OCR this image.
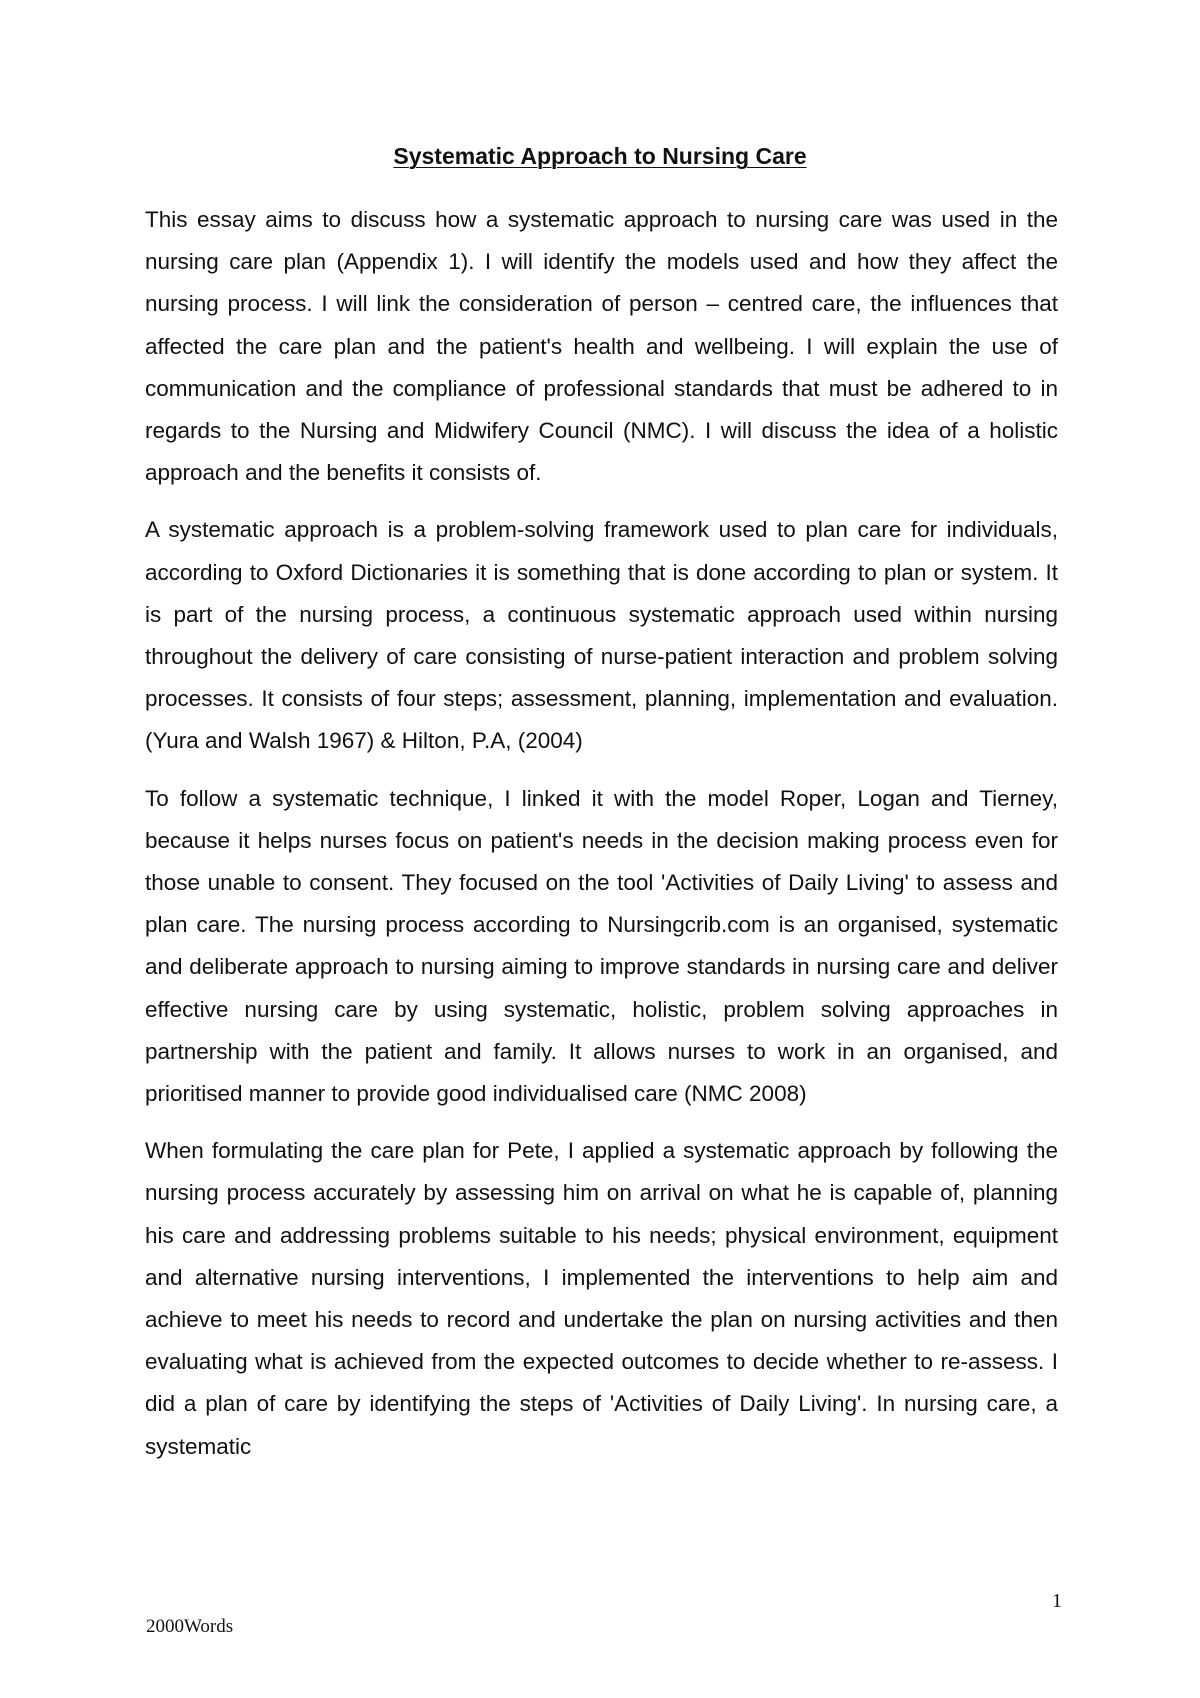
Systematic Approach to Nursing Care

This essay aims to discuss how a systematic approach to nursing care was used in the nursing care plan (Appendix 1). I will identify the models used and how they affect the nursing process. I will link the consideration of person – centred care, the influences that affected the care plan and the patient's health and wellbeing. I will explain the use of communication and the compliance of professional standards that must be adhered to in regards to the Nursing and Midwifery Council (NMC). I will discuss the idea of a holistic approach and the benefits it consists of.

A systematic approach is a problem-solving framework used to plan care for individuals, according to Oxford Dictionaries it is something that is done according to plan or system. It is part of the nursing process, a continuous systematic approach used within nursing throughout the delivery of care consisting of nurse-patient interaction and problem solving processes. It consists of four steps; assessment, planning, implementation and evaluation. (Yura and Walsh 1967) & Hilton, P.A, (2004)

To follow a systematic technique, I linked it with the model Roper, Logan and Tierney, because it helps nurses focus on patient's needs in the decision making process even for those unable to consent. They focused on the tool 'Activities of Daily Living' to assess and plan care. The nursing process according to Nursingcrib.com is an organised, systematic and deliberate approach to nursing aiming to improve standards in nursing care and deliver effective nursing care by using systematic, holistic, problem solving approaches in partnership with the patient and family. It allows nurses to work in an organised, and prioritised manner to provide good individualised care (NMC 2008)

When formulating the care plan for Pete, I applied a systematic approach by following the nursing process accurately by assessing him on arrival on what he is capable of, planning his care and addressing problems suitable to his needs; physical environment, equipment and alternative nursing interventions, I implemented the interventions to help aim and achieve to meet his needs to record and undertake the plan on nursing activities and then evaluating what is achieved from the expected outcomes to decide whether to re-assess. I did a plan of care by identifying the steps of 'Activities of Daily Living'. In nursing care, a systematic

1

2000Words
